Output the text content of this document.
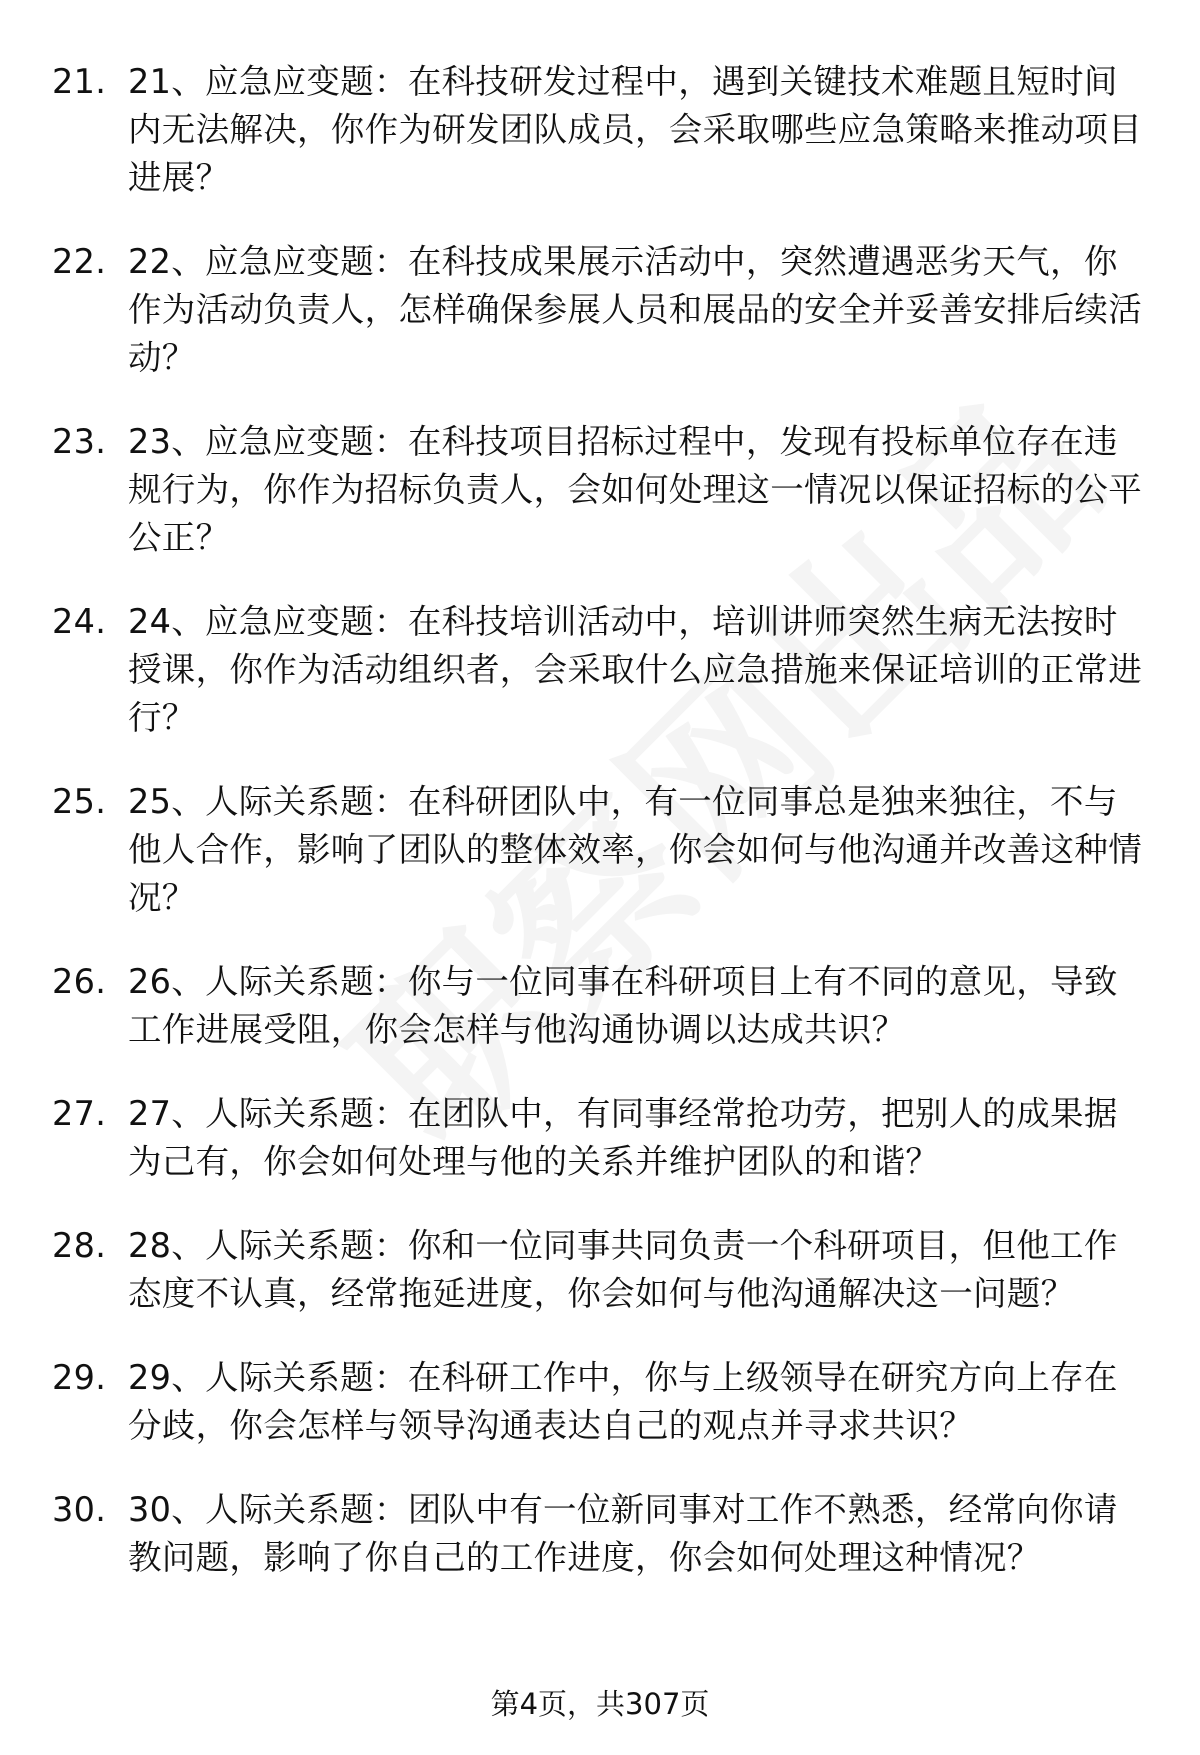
21. 21、应急应变题：在科技研发过程中，遇到关键技术难题且短时间内无法解决，你作为研发团队成员，会采取哪些应急策略来推动项目进展？
22. 22、应急应变题：在科技成果展示活动中，突然遭遇恶劣天气，你作为活动负责人，怎样确保参展人员和展品的安全并妥善安排后续活动？
23. 23、应急应变题：在科技项目招标过程中，发现有投标单位存在违规行为，你作为招标负责人，会如何处理这一情况以保证招标的公平公正？
24. 24、应急应变题：在科技培训活动中，培训讲师突然生病无法按时授课，你作为活动组织者，会采取什么应急措施来保证培训的正常进行？
25. 25、人际关系题：在科研团队中，有一位同事总是独来独往，不与他人合作，影响了团队的整体效率，你会如何与他沟通并改善这种情况？
26. 26、人际关系题：你与一位同事在科研项目上有不同的意见，导致工作进展受阻，你会怎样与他沟通协调以达成共识？
27. 27、人际关系题：在团队中，有同事经常抢功劳，把别人的成果据为己有，你会如何处理与他的关系并维护团队的和谐？
28. 28、人际关系题：你和一位同事共同负责一个科研项目，但他工作态度不认真，经常拖延进度，你会如何与他沟通解决这一问题？
29. 29、人际关系题：在科研工作中，你与上级领导在研究方向上存在分歧，你会怎样与领导沟通表达自己的观点并寻求共识？
30. 30、人际关系题：团队中有一位新同事对工作不熟悉，经常向你请教问题，影响了你自己的工作进度，你会如何处理这种情况？
第4页，共307页
